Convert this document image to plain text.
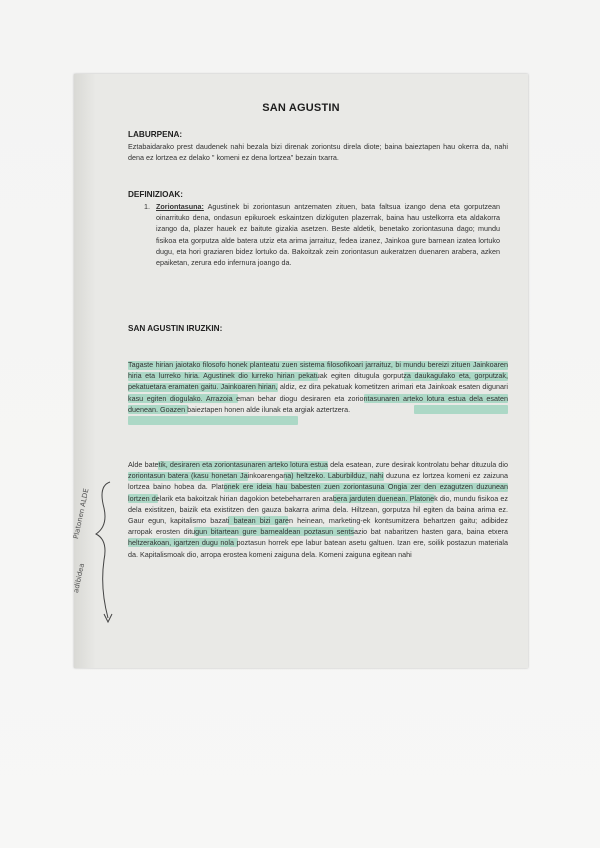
SAN AGUSTIN
LABURPENA:
Eztabaidarako prest daudenek nahi bezala bizi direnak zoriontsu direla diote; baina baieztapen hau okerra da, nahi dena ez lortzea ez delako " komeni ez dena lortzea" bezain txarra.
DEFINIZIOAK:
1. Zoriontasuna: Agustinek bi zoriontasun antzematen zituen, bata faltsua izango dena eta gorputzean oinarrituko dena, ondasun epikuroek eskaintzen dizkiguten plazerrak, baina hau ustelkorra eta aldakorra izango da, plazer hauek ez baitute gizakia asetzen. Beste aldetik, benetako zoriontasuna dago; mundu fisikoa eta gorputza alde batera utziz eta arima jarraituz, fedea izanez, Jainkoa gure barnean izatea lortuko dugu, eta hori graziaren bidez lortuko da. Bakoitzak zein zoriontasun aukeratzen duenaren arabera, azken epaiketan, zerura edo infernura joango da.
SAN AGUSTIN IRUZKIN:
Tagaste hirian jaiotako filosofo honek planteatu zuen sistema filosofikoari jarraituz, bi mundu bereizi zituen Jainkoaren hiria eta lurreko hiria. Agustinek dio lurreko hirian pekatuak egiten ditugula gorputza daukagulako eta, gorputzak, pekatuetara eramaten gaitu. Jainkoaren hirian, aldiz, ez dira pekatuak kometitzen arimari eta Jainkoak esaten digunari kasu egiten diogulako. Arrazoia eman behar diogu desiraren eta zoriontasunaren arteko lotura estua dela esaten duenean. Goazen baieztapen honen alde ilunak eta argiak aztertzera.
Alde batetik, desiraren eta zoriontasunaren arteko lotura estua dela esatean, zure desirak kontrolatu behar dituzula dio zoriontasun batera (kasu honetan Jainkoarengana) heltzeko. Laburbilduz, nahi duzuna ez lortzea komeni ez zaizuna lortzea baino hobea da. Platonek ere ideia hau babesten zuen zoriontasuna Ongia zer den ezagutzen duzunean lortzen delarik eta bakoitzak hirian dagokion betebeharraren arabera jarduten duenean. Platonek dio, mundu fisikoa ez dela existitzen, baizik eta existitzen den gauza bakarra arima dela. Hiltzean, gorputza hil egiten da baina arima ez. Gaur egun, kapitalismo bazati batean bizi garen heinean, marketing-ek kontsumitzera behartzen gaitu; adibidez arropak erosten ditugun bitartean gure barnealdean poztasun sentsazio bat nabaritzen hasten gara, baina etxera heltzerakoan, igartzen dugu nola poztasun horrek epe labur batean asetu galtuen. Izan ere, soilik postazun materiala da. Kapitalismoak dio, arropa erostea komeni zaiguna dela. Komeni zaiguna egitean nahi
Platonen ALDE
adibidea
